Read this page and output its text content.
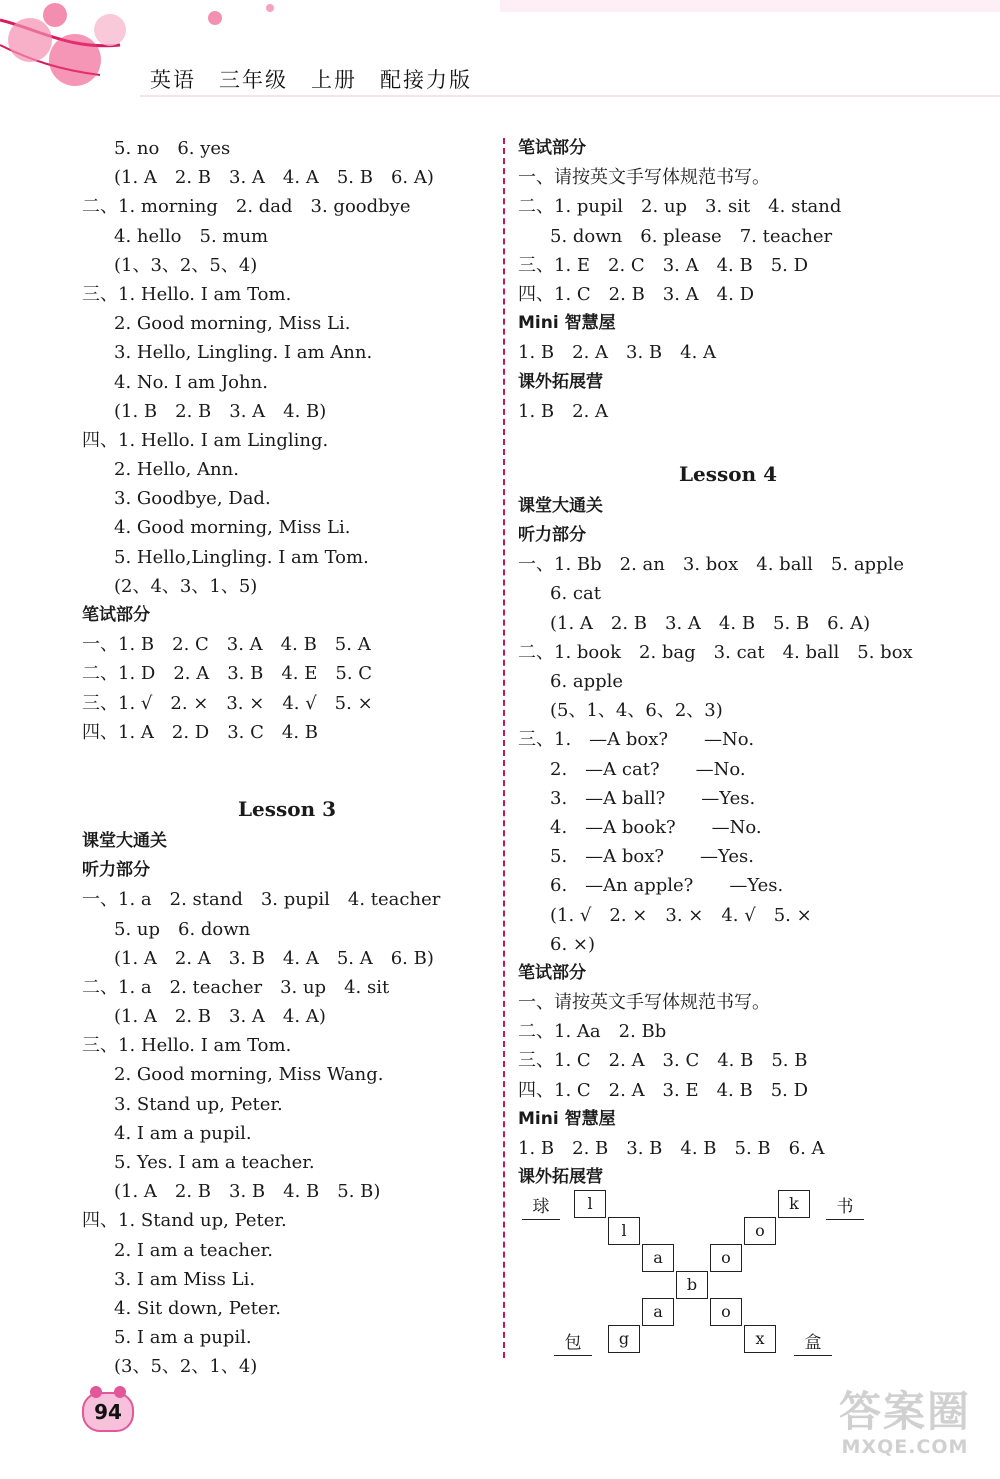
英语　三年级　上册　配接力版
5. no　6. yes
(1. A　2. B　3. A　4. A　5. B　6. A)
二、1. morning　2. dad　3. goodbye
4. hello　5. mum
(1、3、2、5、4)
三、1. Hello. I am Tom.
2. Good morning, Miss Li.
3. Hello, Lingling. I am Ann.
4. No. I am John.
(1. B　2. B　3. A　4. B)
四、1. Hello. I am Lingling.
2. Hello, Ann.
3. Goodbye, Dad.
4. Good morning, Miss Li.
5. Hello,Lingling. I am Tom.
(2、4、3、1、5)
笔试部分
一、1. B　2. C　3. A　4. B　5. A
二、1. D　2. A　3. B　4. E　5. C
三、1. √　2. ×　3. ×　4. √　5. ×
四、1. A　2. D　3. C　4. B
Lesson 3
课堂大通关
听力部分
一、1. a　2. stand　3. pupil　4. teacher
5. up　6. down
(1. A　2. A　3. B　4. A　5. A　6. B)
二、1. a　2. teacher　3. up　4. sit
(1. A　2. B　3. A　4. A)
三、1. Hello. I am Tom.
2. Good morning, Miss Wang.
3. Stand up, Peter.
4. I am a pupil.
5. Yes. I am a teacher.
(1. A　2. B　3. B　4. B　5. B)
四、1. Stand up, Peter.
2. I am a teacher.
3. I am Miss Li.
4. Sit down, Peter.
5. I am a pupil.
(3、5、2、1、4)
笔试部分
一、请按英文手写体规范书写。
二、1. pupil　2. up　3. sit　4. stand
5. down　6. please　7. teacher
三、1. E　2. C　3. A　4. B　5. D
四、1. C　2. B　3. A　4. D
Mini 智慧屋
1. B　2. A　3. B　4. A
课外拓展营
1. B　2. A
Lesson 4
课堂大通关
听力部分
一、1. Bb　2. an　3. box　4. ball　5. apple
6. cat
(1. A　2. B　3. A　4. B　5. B　6. A)
二、1. book　2. bag　3. cat　4. ball　5. box
6. apple
(5、1、4、6、2、3)
三、1.　—A box?　　—No.
2.　—A cat?　　—No.
3.　—A ball?　　—Yes.
4.　—A book?　　—No.
5.　—A box?　　—Yes.
6.　—An apple?　　—Yes.
(1. √　2. ×　3. ×　4. √　5. ×
6. ×)
笔试部分
一、请按英文手写体规范书写。
二、1. Aa　2. Bb
三、1. C　2. A　3. C　4. B　5. B
四、1. C　2. A　3. E　4. B　5. D
Mini 智慧屋
1. B　2. B　3. B　4. B　5. B　6. A
课外拓展营
球	书
包	盒
l
l
a
b
a
g
k
o
o
o
x
94	答案圈
MXQE.COM
